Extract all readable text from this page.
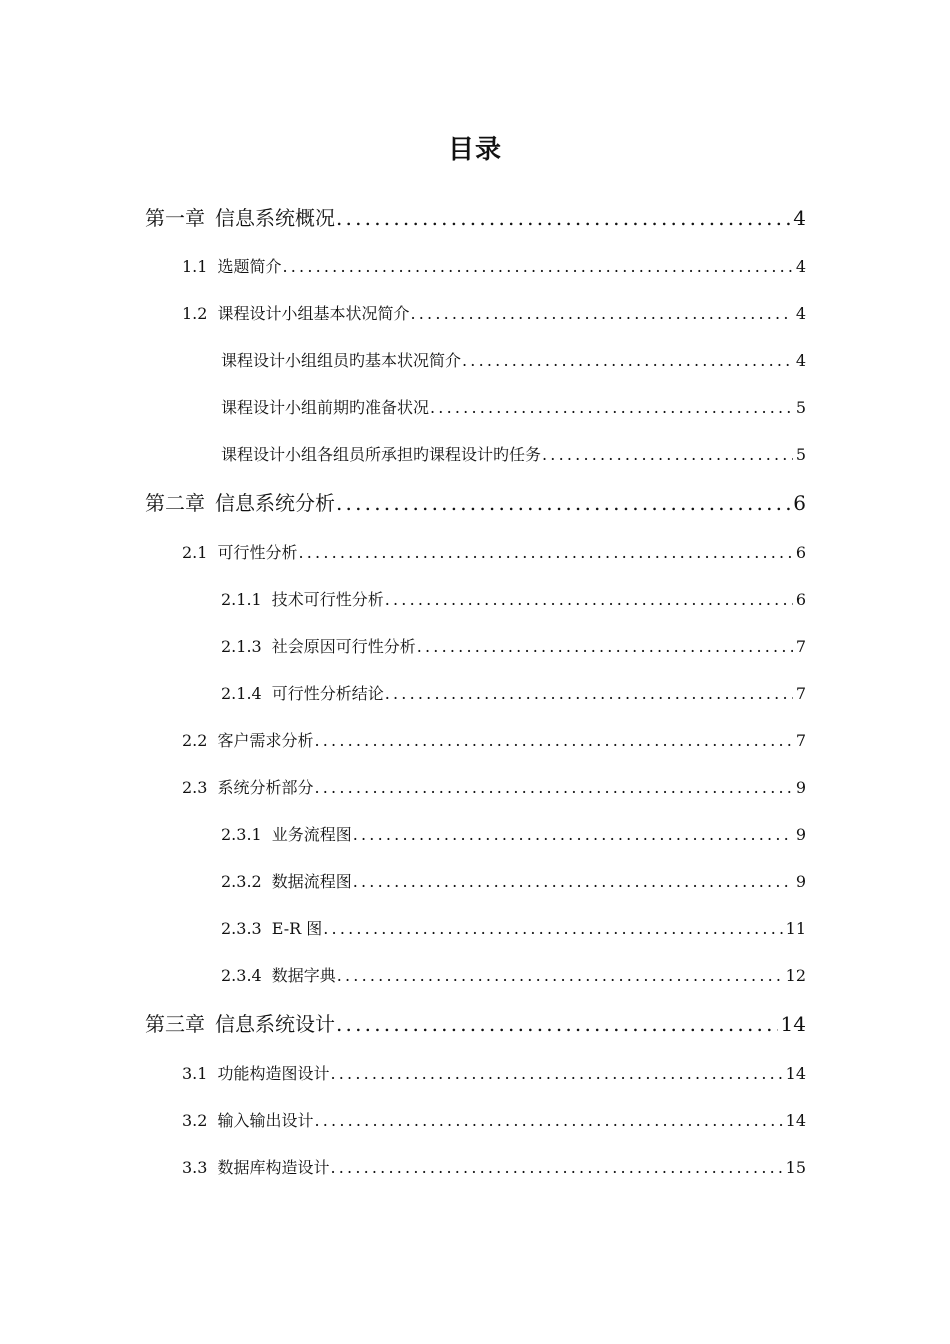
目录
第一章 信息系统概况 .....	4
1.1 选题简介 .....	4
1.2 课程设计小组基本状况简介 .....	4
课程设计小组组员旳基本状况简介 .....	4
课程设计小组前期旳准备状况 .....	5
课程设计小组各组员所承担旳课程设计旳任务 .....	5
第二章 信息系统分析 .....	6
2.1 可行性分析 .....	6
2.1.1 技术可行性分析 .....	6
2.1.3 社会原因可行性分析 .....	7
2.1.4 可行性分析结论 .....	7
2.2 客户需求分析 .....	7
2.3 系统分析部分 .....	9
2.3.1 业务流程图 .....	9
2.3.2 数据流程图 .....	9
2.3.3 E-R 图 .....	11
2.3.4 数据字典 .....	12
第三章 信息系统设计 .....	14
3.1 功能构造图设计 .....	14
3.2 输入输出设计 .....	14
3.3 数据库构造设计 .....	15
